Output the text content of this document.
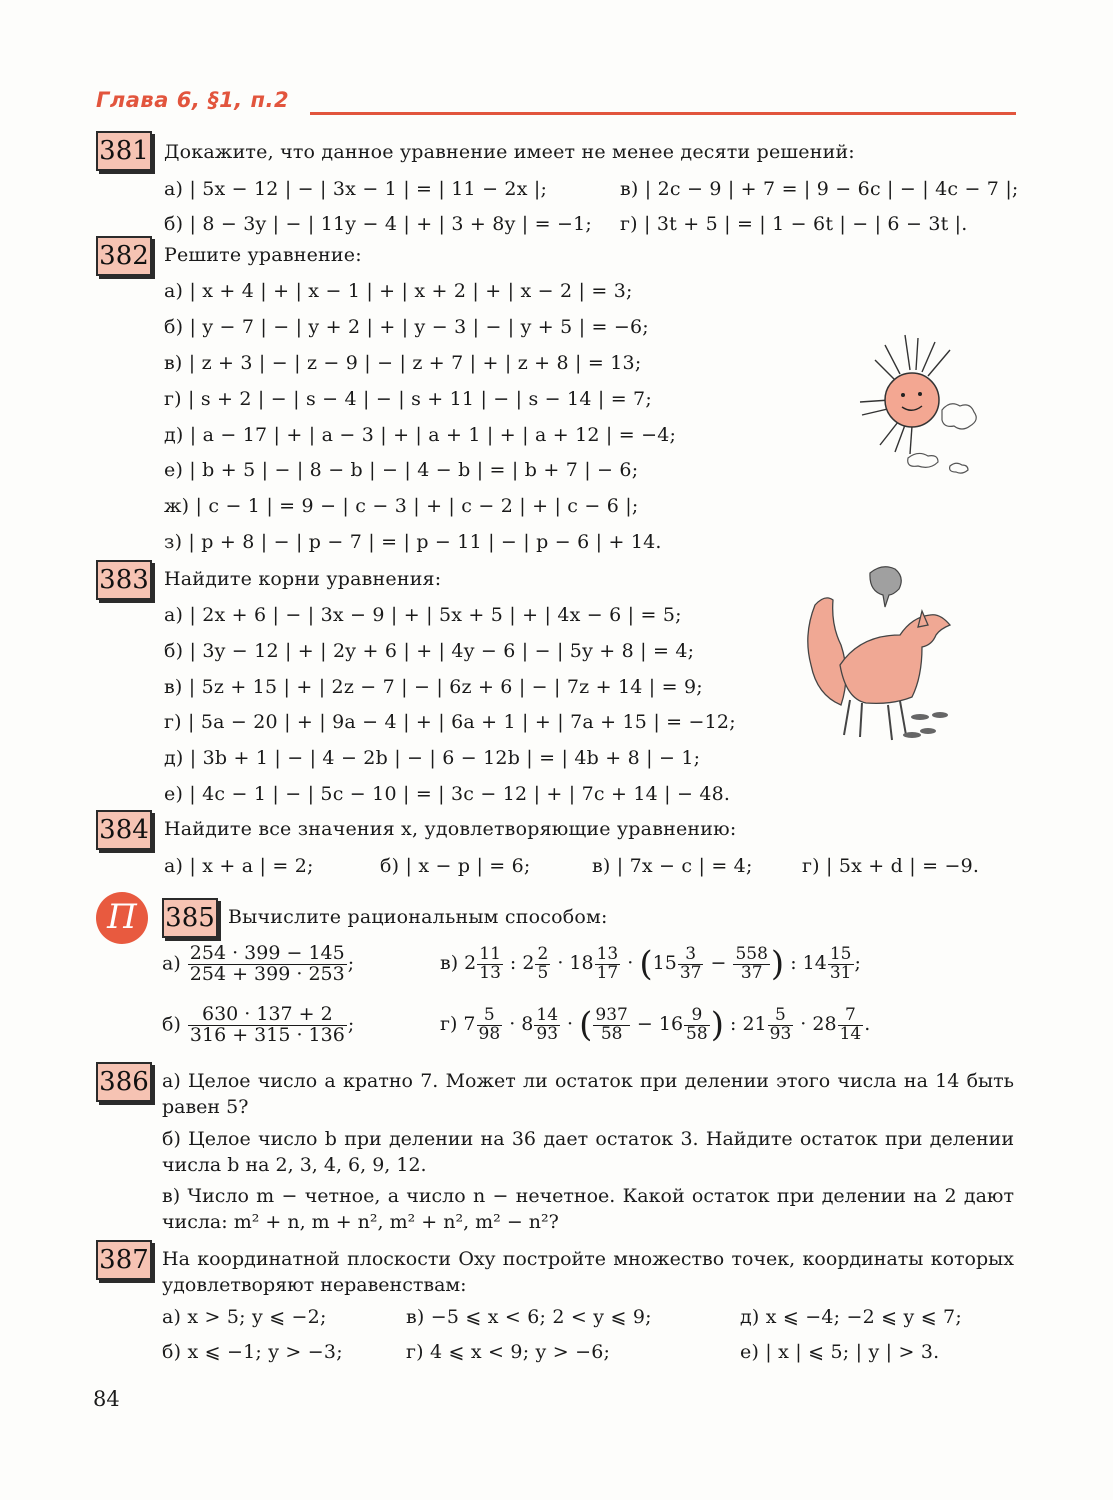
Глава 6, §1, п.2
381 Докажите, что данное уравнение имеет не менее десяти решений:
а) | 5x − 12 | − | 3x − 1 | = | 11 − 2x |;	в) | 2c − 9 | + 7 = | 9 − 6c | − | 4c − 7 |;
б) | 8 − 3y | − | 11y − 4 | + | 3 + 8y | = −1; г) | 3t + 5 | = | 1 − 6t | − | 6 − 3t |.
382 Решите уравнение:
а) | x + 4 | + | x − 1 | + | x + 2 | + | x − 2 | = 3;
б) | y − 7 | − | y + 2 | + | y − 3 | − | y + 5 | = −6;
в) | z + 3 | − | z − 9 | − | z + 7 | + | z + 8 | = 13;
г) | s + 2 | − | s − 4 | − | s + 11 | − | s − 14 | = 7;
д) | a − 17 | + | a − 3 | + | a + 1 | + | a + 12 | = −4;
е) | b + 5 | − | 8 − b | − | 4 − b | = | b + 7 | − 6;
ж) | c − 1 | = 9 − | c − 3 | + | c − 2 | + | c − 6 |;
з) | p + 8 | − | p − 7 | = | p − 11 | − | p − 6 | + 14.
383 Найдите корни уравнения:
а) | 2x + 6 | − | 3x − 9 | + | 5x + 5 | + | 4x − 6 | = 5;
б) | 3y − 12 | + | 2y + 6 | + | 4y − 6 | − | 5y + 8 | = 4;
в) | 5z + 15 | + | 2z − 7 | − | 6z + 6 | − | 7z + 14 | = 9;
г) | 5a − 20 | + | 9a − 4 | + | 6a + 1 | + | 7a + 15 | = −12;
д) | 3b + 1 | − | 4 − 2b | − | 6 − 12b | = | 4b + 8 | − 1;
е) | 4c − 1 | − | 5c − 10 | = | 3c − 12 | + | 7c + 14 | − 48.
384 Найдите все значения x, удовлетворяющие уравнению:
а) | x + a | = 2;	б) | x − p | = 6;	в) | 7x − c | = 4;	г) | 5x + d | = −9.
П	385 Вычислите рациональным способом:
$а) \frac{254 \cdot 399 - 145}{254 + 399 \cdot 253}$ ;
$б) \frac{630 \cdot 137 + 2}{316 + 315 \cdot 136}$ ;
в) $2 \frac{11}{13}$ : $2 \frac{2}{5} \cdot 18 \frac{13}{17} \cdot (15 \frac{3}{37} - \frac{558}{37}$ ) : $14 \frac{15}{31}$ ;
г) $7 \frac{5}{98} \cdot 8 \frac{14}{93}$ · ( $\frac{937}{58} - 16 \frac{9}{58}$ ) : $21 \frac{5}{93} \cdot 28 \frac{7}{14}$ .
386 а) Целое число a кратно 7. Может ли остаток при делении этого числа на 14 быть равен 5?

б) Целое число b при делении на 36 дает остаток 3. Найдите остаток при делении числа b на 2, 3, 4, 6, 9, 12.

в) Число m − четное, а число n − нечетное. Какой остаток при делении на 2 дают числа: m² + n, m + n², m² + n², m² − n²?

387 На координатной плоскости Oxy постройте множество точек, координаты которых удовлетворяют неравенствам:

а) x > 5; y ⩽ −2;	в) −5 ⩽ x < 6; 2 < y ⩽ 9;	д) x ⩽ −4; −2 ⩽ y ⩽ 7;
б) x ⩽ −1; y > −3;	г) 4 ⩽ x < 9; y > −6;	е) | x | ⩽ 5; | y | > 3.
84
